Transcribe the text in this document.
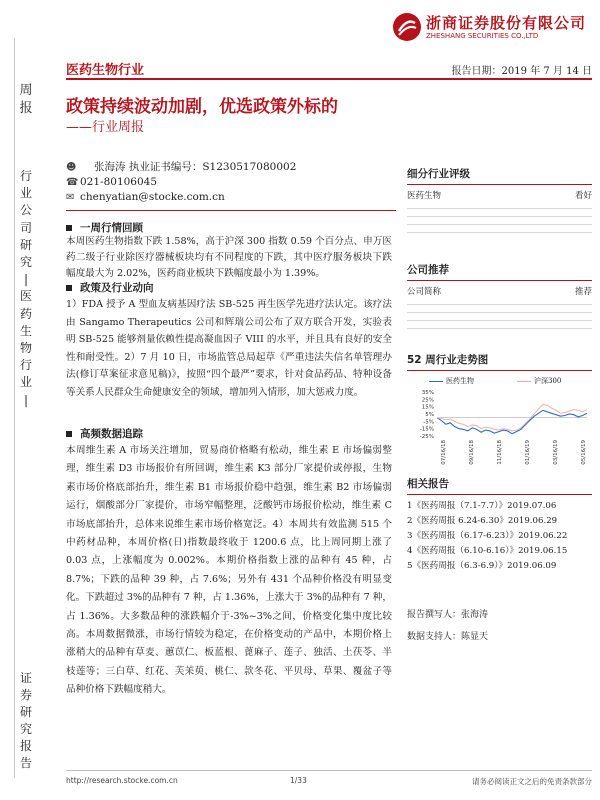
周
报
行
业
公
司
研
究
|
医
药
生
物
行
业
|
证
券
研
究
报
告
浙商证券股份有限公司
ZHESHANG SECURITIES CO.,LTD
医药生物行业	报告日期：2019 年 7 月 14 日
政策持续波动加剧，优选政策外标的
——行业周报
☻	张海涛 执业证书编号：S1230517080002
☎ 021-80106045
✉ chenyatian@stocke.com.cn
一周行情回顾
本周医药生物指数下跌 1.58%，高于沪深 300 指数 0.59 个百分点、申万医药二级子行业除医疗器械板块均有不同程度的下跌，其中医疗服务板块下跌幅度最大为 2.02%，医药商业板块下跌幅度最小为 1.39%。
政策及行业动向
1）FDA 授予 A 型血友病基因疗法 SB-525 再生医学先进疗法认定。该疗法由 Sangamo Therapeutics 公司和辉瑞公司公布了双方联合开发，实验表明 SB-525 能够剂量依赖性提高凝血因子 VIII 的水平，并且具有良好的安全性和耐受性。2）7 月 10 日，市场监管总局起草《严重违法失信名单管理办法(修订草案征求意见稿)》，按照“四个最严”要求，针对食品药品、特种设备等关系人民群众生命健康安全的领域，增加列入情形，加大惩戒力度。
高频数据追踪
本周维生素 A 市场关注增加，贸易商价格略有松动，维生素 E 市场偏弱整理，维生素 D3 市场报价有所回调，维生素 K3 部分厂家提价或停报，生物素市场价格底部抬升，维生素 B1 市场报价稳中趋强，维生素 B2 市场偏弱运行，烟酸部分厂家提价，市场窄幅整理，泛酸钙市场报价松动，维生素 C 市场底部抬升，总体来说维生素市场价格宽泛。4）本周共有效监测 515 个中药材品种，本周价格(日)指数最终收于 1200.6 点，比上周同期上涨了 0.03 点，上涨幅度为 0.002%。本期价格指数上涨的品种有 45 种，占 8.7%；下跌的品种 39 种，占 7.6%；另外有 431 个品种价格没有明显变化。下跌超过 3%的品种有 7 种，占 1.36%，上涨大于 3%的品种有 7 种，占 1.36%。大多数品种的涨跌幅介于-3%~3%之间，价格变化集中度比较高。本周数据微涨，市场行情较为稳定，在价格变动的产品中，本期价格上涨稍大的品种有草麦、蕙苡仁、板蓝根、蓖麻子、莲子、独活、土茯苓、半枝莲等；三白草、红花、芙苿萸、桃仁、款冬花、平贝母、草果、覆盆子等品种价格下跌幅度稍大。
细分行业评级
医药生物	看好
公司推荐
公司简称	推荐
52 周行业走势图
医药生物	沪深300
35%
25%
15%
5%
-5%
-15%
-25%
07/16/18	09/16/18	11/16/18	01/16/19	03/16/19	05/16/19
相关报告
1《医药周报（7.1-7.7）》2019.07.06
2《医药周报 6.24-6.30》2019.06.29
3《医药周报（6.17-6.23）》2019.06.22
4《医药周报（6.10-6.16）》2019.06.15
5《医药周报（6.3-6.9）》2019.06.09
报告撰写人：张海涛
数据支持人：陈显天
http://research.stocke.com.cn	1/33	请务必阅读正文之后的免责条款部分
